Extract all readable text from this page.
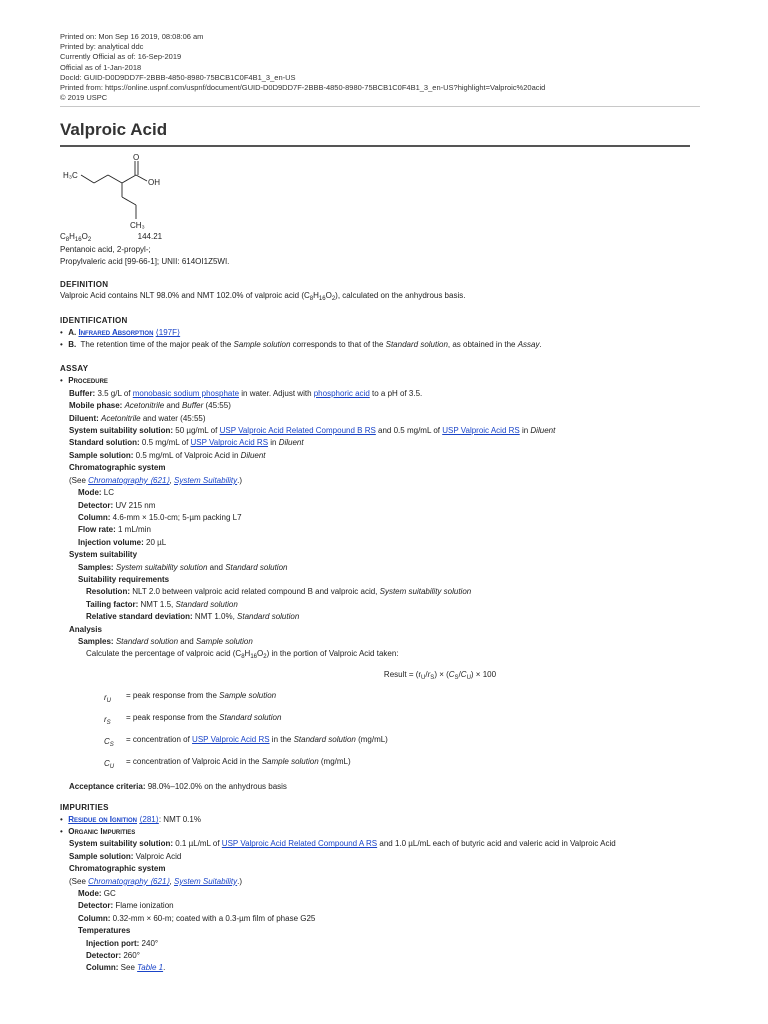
Printed on: Mon Sep 16 2019, 08:08:06 am
Printed by: analytical ddc
Currently Official as of: 16-Sep-2019
Official as of 1-Jan-2018
DocId: GUID-D0D9DD7F-2BBB-4850-8980-75BCB1C0F4B1_3_en-US
Printed from: https://online.uspnf.com/uspnf/document/GUID-D0D9DD7F-2BBB-4850-8980-75BCB1C0F4B1_3_en-US?highlight=Valproic%20acid
© 2019 USPC
Valproic Acid
O
OH
H₃C
CH₃
$C_8H_{16}O_2$	144.21
Pentanoic acid, 2-propyl-;
Propylvaleric acid [99-66-1]; UNII: 614OI1Z5WI.
DEFINITION
Valproic Acid contains NLT 98.0% and NMT 102.0% of valproic acid $(C_8H_{16}O_2)$, calculated on the anhydrous basis.
IDENTIFICATION
• A. Infrared Absorption ⟨197F⟩
• B. The retention time of the major peak of the Sample solution corresponds to that of the Standard solution, as obtained in the Assay.
ASSAY
• Procedure
Buffer: 3.5 g/L of monobasic sodium phosphate in water. Adjust with phosphoric acid to a pH of 3.5.
Mobile phase: Acetonitrile and Buffer (45:55)
Diluent: Acetonitrile and water (45:55)
System suitability solution: 50 µg/mL of USP Valproic Acid Related Compound B RS and 0.5 mg/mL of USP Valproic Acid RS in Diluent
Standard solution: 0.5 mg/mL of USP Valproic Acid RS in Diluent
Sample solution: 0.5 mg/mL of Valproic Acid in Diluent
Chromatographic system
(See Chromatography ⟨621⟩, System Suitability.)
Mode: LC
Detector: UV 215 nm
Column: 4.6-mm × 15.0-cm; 5-µm packing L7
Flow rate: 1 mL/min
Injection volume: 20 µL
System suitability
Samples: System suitability solution and Standard solution
Suitability requirements
Resolution: NLT 2.0 between valproic acid related compound B and valproic acid, System suitability solution
Tailing factor: NMT 1.5, Standard solution
Relative standard deviation: NMT 1.0%, Standard solution
Analysis
Samples: Standard solution and Sample solution
Calculate the percentage of valproic acid $(C_8H_{16}O_2)$ in the portion of Valproic Acid taken:
Result = $(r_U/r_S) \times (C_S/C_U) \times 100$
$r_U$
= peak response from the Sample solution
$r_S$
= peak response from the Standard solution
$C_S$
= concentration of USP Valproic Acid RS in the Standard solution (mg/mL)
$C_U$
= concentration of Valproic Acid in the Sample solution (mg/mL)
Acceptance criteria: 98.0%–102.0% on the anhydrous basis
IMPURITIES
• Residue on Ignition ⟨281⟩: NMT 0.1%
• Organic Impurities
System suitability solution: 0.1 µL/mL of USP Valproic Acid Related Compound A RS and 1.0 µL/mL each of butyric acid and valeric acid in Valproic Acid
Sample solution: Valproic Acid
Chromatographic system
(See Chromatography ⟨621⟩, System Suitability.)
Mode: GC
Detector: Flame ionization
Column: 0.32-mm × 60-m; coated with a 0.3-µm film of phase G25
Temperatures
Injection port: 240°
Detector: 260°
Column: See Table 1.
